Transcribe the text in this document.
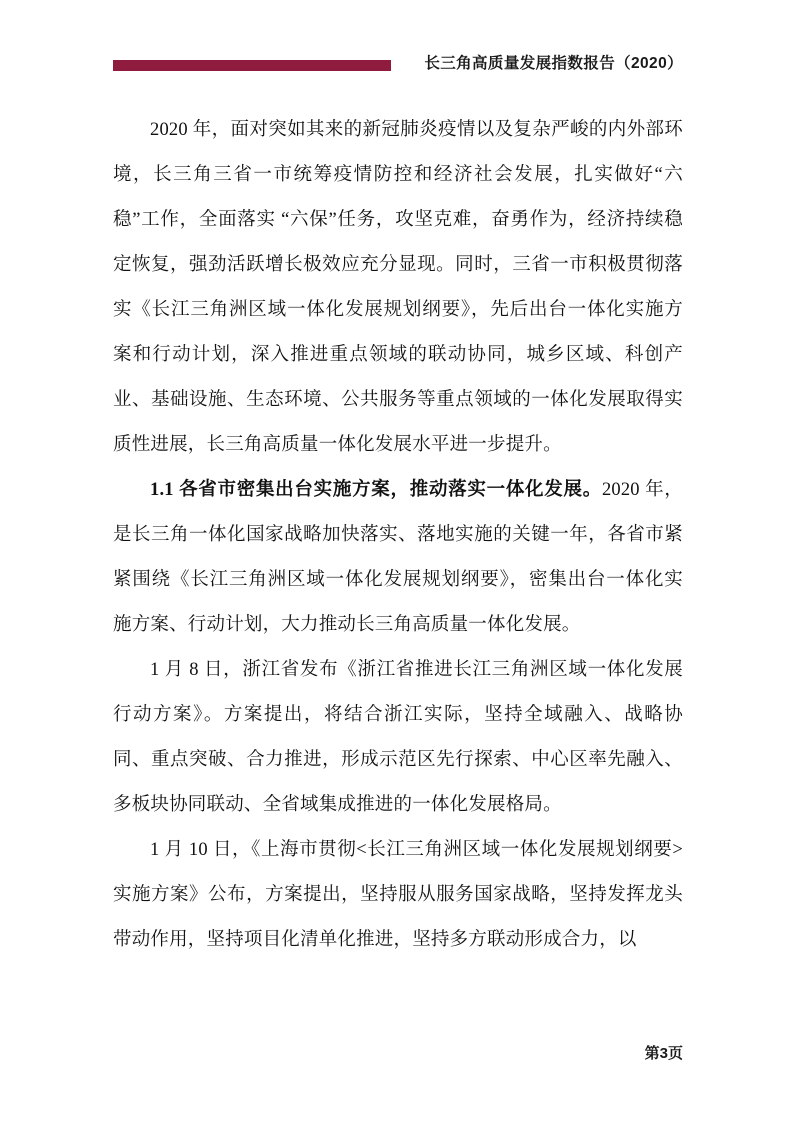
长三角高质量发展指数报告（2020）

2020 年，面对突如其来的新冠肺炎疫情以及复杂严峻的内外部环境，长三角三省一市统筹疫情防控和经济社会发展，扎实做好“六稳”工作，全面落实 “六保”任务，攻坚克难，奋勇作为，经济持续稳定恢复，强劲活跃增长极效应充分显现。同时，三省一市积极贯彻落实《长江三角洲区域一体化发展规划纲要》，先后出台一体化实施方案和行动计划，深入推进重点领域的联动协同，城乡区域、科创产业、基础设施、生态环境、公共服务等重点领域的一体化发展取得实质性进展，长三角高质量一体化发展水平进一步提升。

1.1 各省市密集出台实施方案，推动落实一体化发展。2020 年，是长三角一体化国家战略加快落实、落地实施的关键一年，各省市紧紧围绕《长江三角洲区域一体化发展规划纲要》，密集出台一体化实施方案、行动计划，大力推动长三角高质量一体化发展。

1 月 8 日，浙江省发布《浙江省推进长江三角洲区域一体化发展行动方案》。方案提出，将结合浙江实际，坚持全域融入、战略协同、重点突破、合力推进，形成示范区先行探索、中心区率先融入、多板块协同联动、全省域集成推进的一体化发展格局。

1 月 10 日，《上海市贯彻<长江三角洲区域一体化发展规划纲要>实施方案》公布，方案提出，坚持服从服务国家战略，坚持发挥龙头带动作用，坚持项目化清单化推进，坚持多方联动形成合力，以

第3页
